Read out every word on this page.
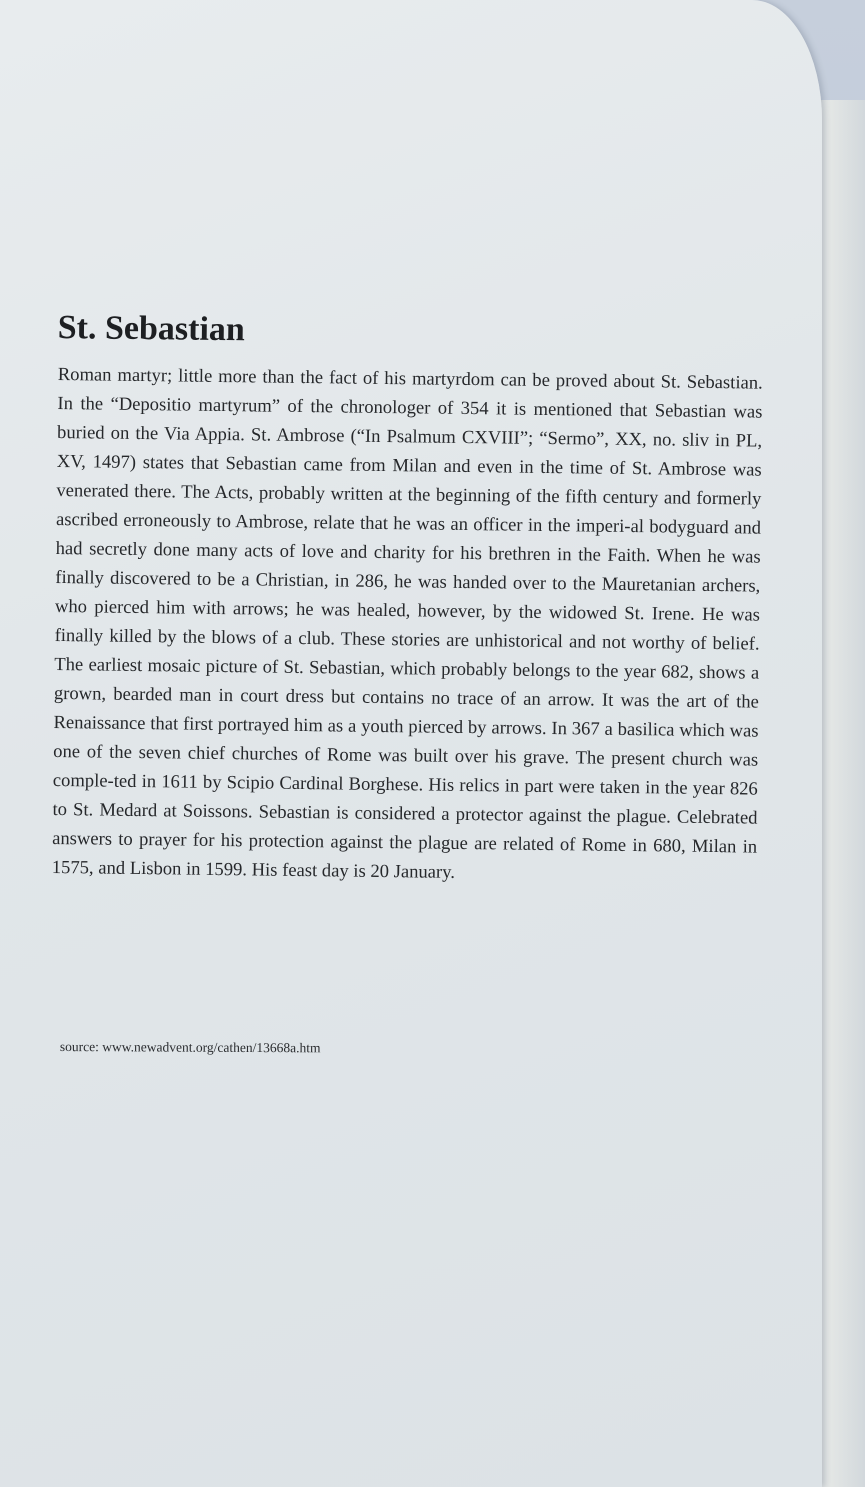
St. Sebastian

Roman martyr; little more than the fact of his martyrdom can be proved about St. Sebastian. In the “Depositio martyrum” of the chronologer of 354 it is mentioned that Sebastian was buried on the Via Appia. St. Ambrose (“In Psalmum CXVIII”; “Sermo”, XX, no. sliv in PL, XV, 1497) states that Sebastian came from Milan and even in the time of St. Ambrose was venerated there. The Acts, probably written at the beginning of the fifth century and formerly ascribed erroneously to Ambrose, relate that he was an officer in the imperi-al bodyguard and had secretly done many acts of love and charity for his brethren in the Faith. When he was finally discovered to be a Christian, in 286, he was handed over to the Mauretanian archers, who pierced him with arrows; he was healed, however, by the widowed St. Irene. He was finally killed by the blows of a club. These stories are unhistorical and not worthy of belief. The earliest mosaic picture of St. Sebastian, which probably belongs to the year 682, shows a grown, bearded man in court dress but contains no trace of an arrow. It was the art of the Renaissance that first portrayed him as a youth pierced by arrows. In 367 a basilica which was one of the seven chief churches of Rome was built over his grave. The present church was comple-ted in 1611 by Scipio Cardinal Borghese. His relics in part were taken in the year 826 to St. Medard at Soissons. Sebastian is considered a protector against the plague. Celebrated answers to prayer for his protection against the plague are related of Rome in 680, Milan in 1575, and Lisbon in 1599. His feast day is 20 January.

source: www.newadvent.org/cathen/13668a.htm
